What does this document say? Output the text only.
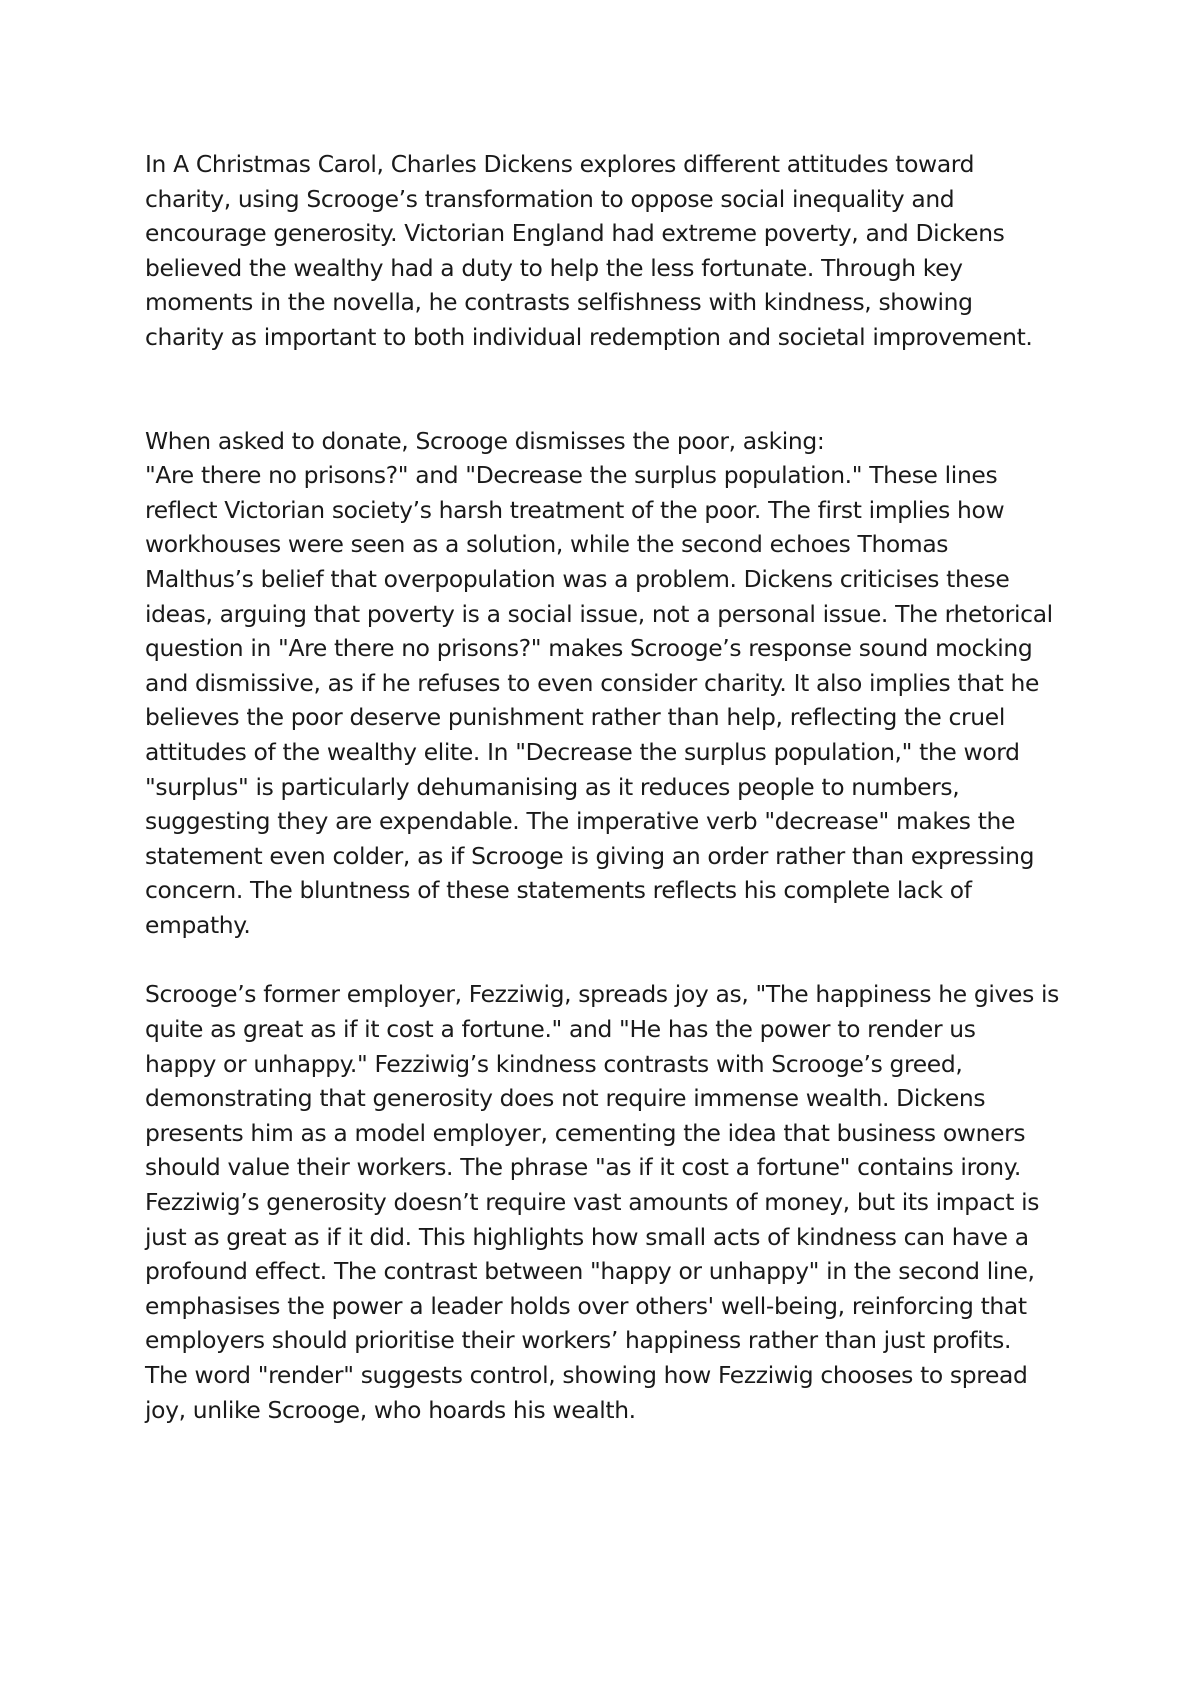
In A Christmas Carol, Charles Dickens explores different attitudes toward
charity, using Scrooge’s transformation to oppose social inequality and
encourage generosity. Victorian England had extreme poverty, and Dickens
believed the wealthy had a duty to help the less fortunate. Through key
moments in the novella, he contrasts selfishness with kindness, showing
charity as important to both individual redemption and societal improvement.
When asked to donate, Scrooge dismisses the poor, asking:
"Are there no prisons?" and "Decrease the surplus population." These lines
reflect Victorian society’s harsh treatment of the poor. The first implies how
workhouses were seen as a solution, while the second echoes Thomas
Malthus’s belief that overpopulation was a problem. Dickens criticises these
ideas, arguing that poverty is a social issue, not a personal issue. The rhetorical
question in "Are there no prisons?" makes Scrooge’s response sound mocking
and dismissive, as if he refuses to even consider charity. It also implies that he
believes the poor deserve punishment rather than help, reflecting the cruel
attitudes of the wealthy elite. In "Decrease the surplus population," the word
"surplus" is particularly dehumanising as it reduces people to numbers,
suggesting they are expendable. The imperative verb "decrease" makes the
statement even colder, as if Scrooge is giving an order rather than expressing
concern. The bluntness of these statements reflects his complete lack of
empathy.
Scrooge’s former employer, Fezziwig, spreads joy as, "The happiness he gives is
quite as great as if it cost a fortune." and "He has the power to render us
happy or unhappy." Fezziwig’s kindness contrasts with Scrooge’s greed,
demonstrating that generosity does not require immense wealth. Dickens
presents him as a model employer, cementing the idea that business owners
should value their workers. The phrase "as if it cost a fortune" contains irony.
Fezziwig’s generosity doesn’t require vast amounts of money, but its impact is
just as great as if it did. This highlights how small acts of kindness can have a
profound effect. The contrast between "happy or unhappy" in the second line,
emphasises the power a leader holds over others' well-being, reinforcing that
employers should prioritise their workers’ happiness rather than just profits.
The word "render" suggests control, showing how Fezziwig chooses to spread
joy, unlike Scrooge, who hoards his wealth.
